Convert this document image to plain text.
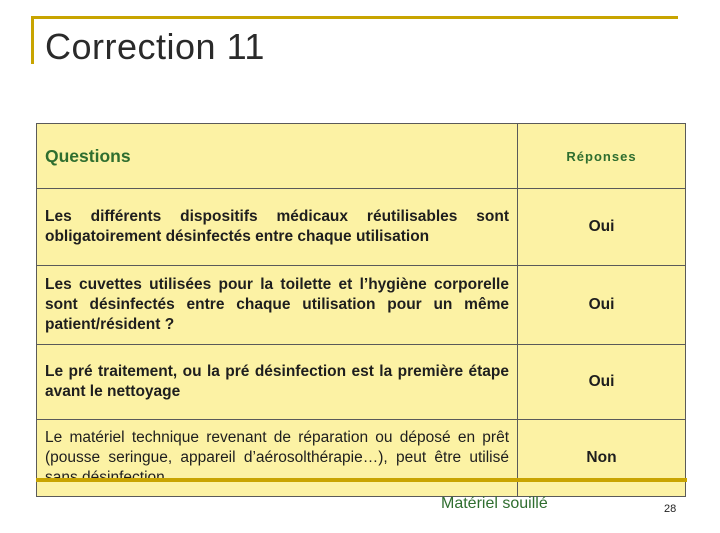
Correction 11
Questions	Réponses
Les différents dispositifs médicaux réutilisables sont obligatoirement désinfectés entre chaque utilisation	Oui
Les cuvettes utilisées pour la toilette et l’hygiène corporelle sont désinfectés entre chaque utilisation pour un même patient/résident ?	Oui
Le pré traitement, ou la pré désinfection est la première étape avant le nettoyage	Oui
Le matériel technique revenant de réparation ou déposé en prêt (pousse seringue, appareil d’aérosolthérapie…), peut être utilisé	Non
Matériel souillé	28
